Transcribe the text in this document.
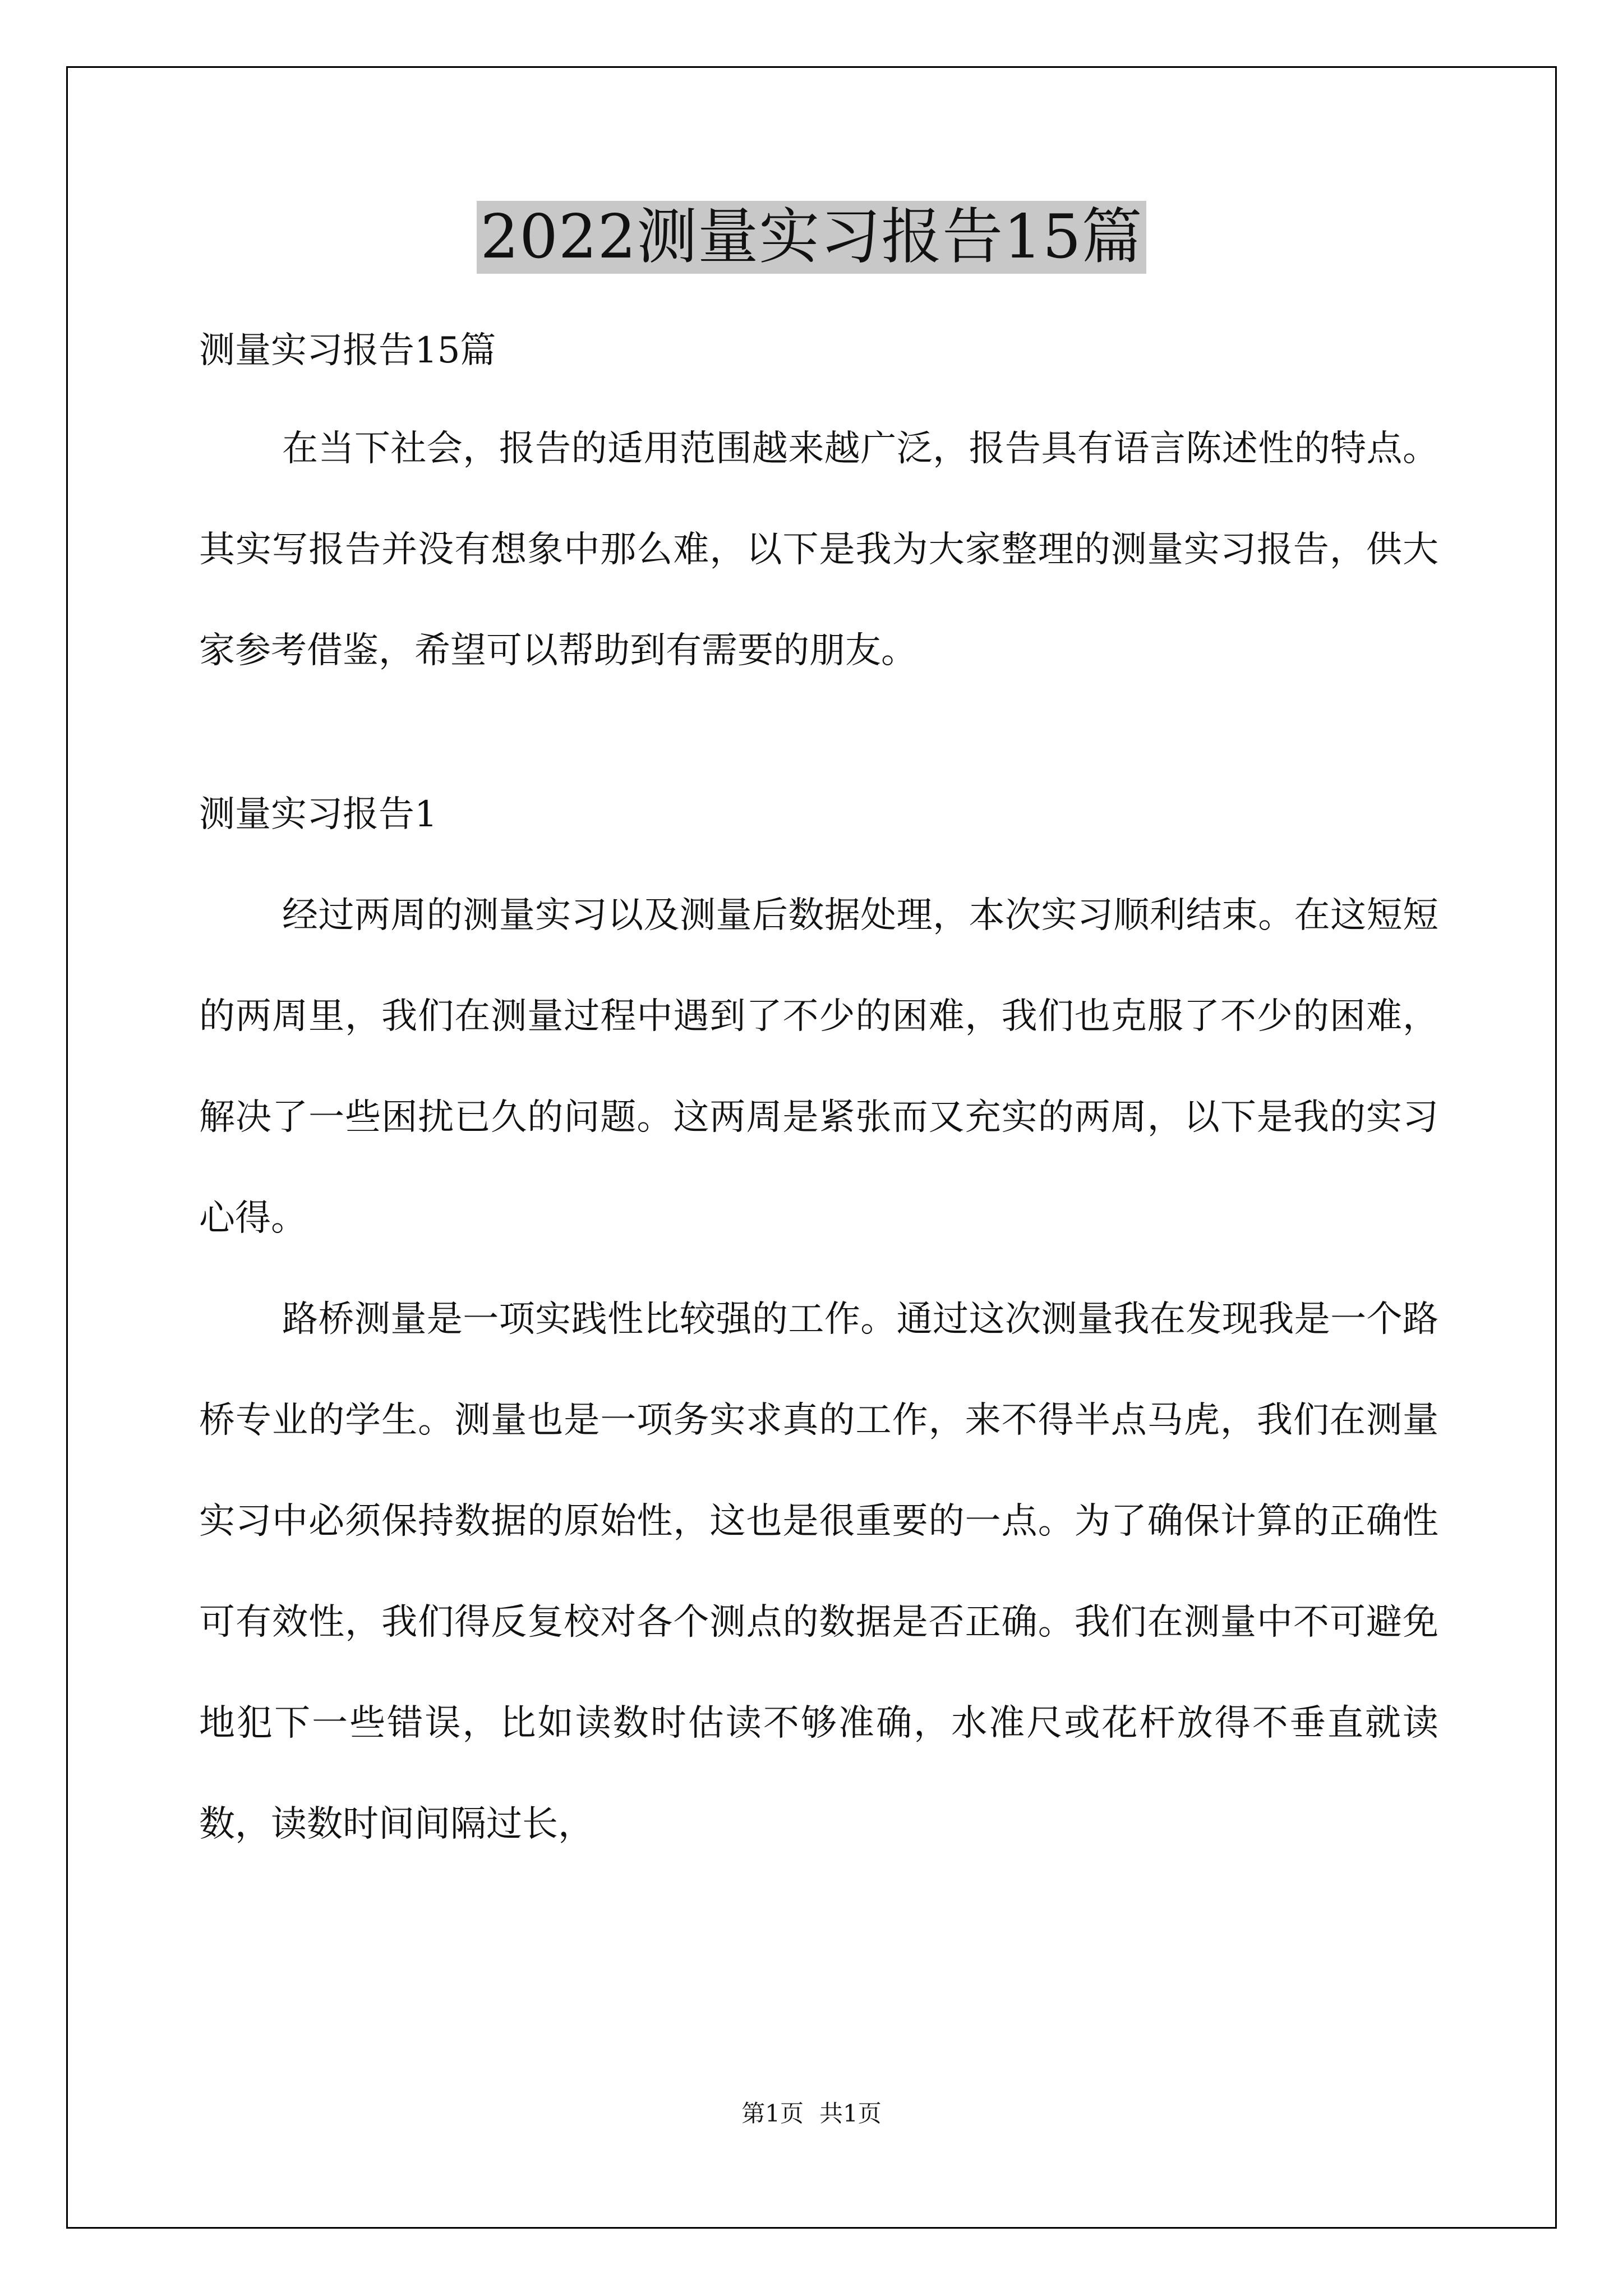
2022测量实习报告15篇

测量实习报告15篇

在当下社会，报告的适用范围越来越广泛，报告具有语言陈述性的特点。其实写报告并没有想象中那么难，以下是我为大家整理的测量实习报告，供大家参考借鉴，希望可以帮助到有需要的朋友。

测量实习报告1

经过两周的测量实习以及测量后数据处理，本次实习顺利结束。在这短短的两周里，我们在测量过程中遇到了不少的困难，我们也克服了不少的困难，解决了一些困扰已久的问题。这两周是紧张而又充实的两周，以下是我的实习心得。

路桥测量是一项实践性比较强的工作。通过这次测量我在发现我是一个路桥专业的学生。测量也是一项务实求真的工作，来不得半点马虎，我们在测量实习中必须保持数据的原始性，这也是很重要的一点。为了确保计算的正确性可有效性，我们得反复校对各个测点的数据是否正确。我们在测量中不可避免地犯下一些错误，比如读数时估读不够准确，水准尺或花杆放得不垂直就读数，读数时间间隔过长，

第1页 共1页
